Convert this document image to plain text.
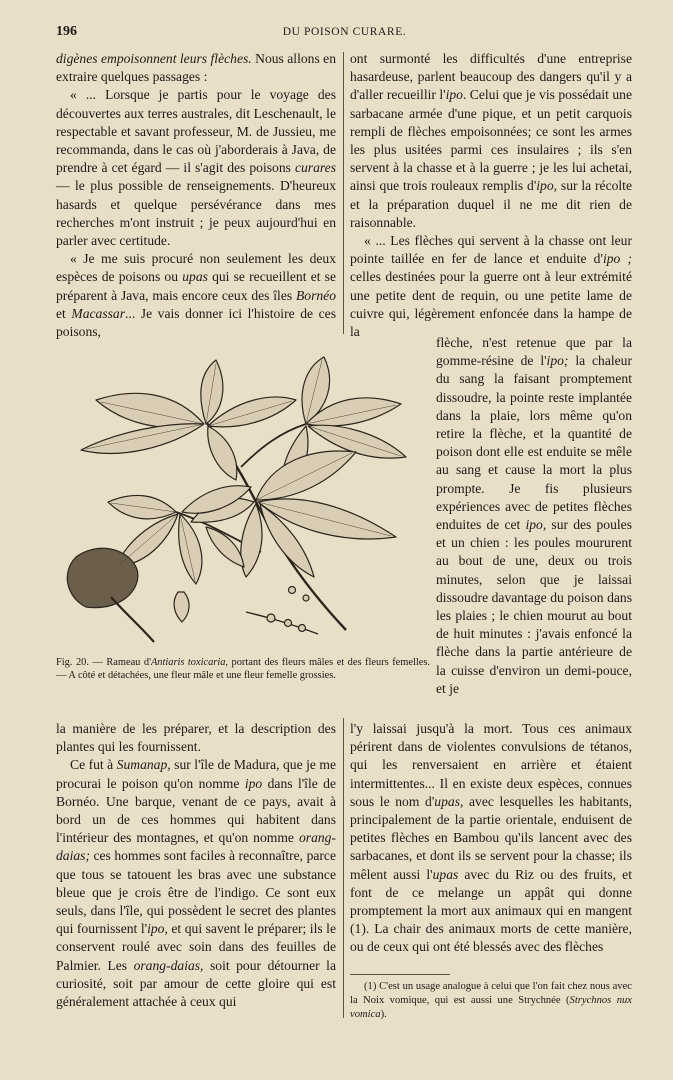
196	DU POISON CURARE.

digènes empoisonnent leurs flèches. Nous allons en extraire quelques passages :

« ... Lorsque je partis pour le voyage des découvertes aux terres australes, dit Leschenault, le respectable et savant professeur, M. de Jussieu, me recommanda, dans le cas où j'aborderais à Java, de prendre à cet égard — il s'agit des poisons curares — le plus possible de renseignements. D'heureux hasards et quelque persévérance dans mes recherches m'ont instruit ; je peux aujourd'hui en parler avec certitude.

« Je me suis procuré non seulement les deux espèces de poisons ou upas qui se recueillent et se préparent à Java, mais encore ceux des îles Bornéo et Macassar... Je vais donner ici l'histoire de ces poisons,

ont surmonté les difficultés d'une entreprise hasardeuse, parlent beaucoup des dangers qu'il y a d'aller recueillir l'ipo. Celui que je vis possédait une sarbacane armée d'une pique, et un petit carquois rempli de flèches empoisonnées; ce sont les armes les plus usitées parmi ces insulaires ; ils s'en servent à la chasse et à la guerre ; je les lui achetai, ainsi que trois rouleaux remplis d'ipo, sur la récolte et la préparation duquel il ne me dit rien de raisonnable.

« ... Les flèches qui servent à la chasse ont leur pointe taillée en fer de lance et enduite d'ipo ; celles destinées pour la guerre ont à leur extrémité une petite dent de requin, ou une petite lame de cuivre qui, légèrement enfoncée dans la hampe de la

flèche, n'est retenue que par la gomme-résine de l'ipo; la chaleur du sang la faisant promptement dissoudre, la pointe reste implantée dans la plaie, lors même qu'on retire la flèche, et la quantité de poison dont elle est enduite se mêle au sang et cause la mort la plus prompte. Je fis plusieurs expériences avec de petites flèches enduites de cet ipo, sur des poules et un chien : les poules moururent au bout de une, deux ou trois minutes, selon que je laissai dissoudre davantage du poison dans les plaies ; le chien mourut au bout de huit minutes : j'avais enfoncé la flèche dans la partie antérieure de la cuisse d'environ un demi-pouce, et je

Fig. 20. — Rameau d'Antiaris toxicaria, portant des fleurs mâles et des fleurs femelles. — A côté et détachées, une fleur mâle et une fleur femelle grossies.

la manière de les préparer, et la description des plantes qui les fournissent.

Ce fut à Sumanap, sur l'île de Madura, que je me procurai le poison qu'on nomme ipo dans l'île de Bornéo. Une barque, venant de ce pays, avait à bord un de ces hommes qui habitent dans l'intérieur des montagnes, et qu'on nomme orang-daias; ces hommes sont faciles à reconnaître, parce que tous se tatouent les bras avec une substance bleue que je crois être de l'indigo. Ce sont eux seuls, dans l'île, qui possèdent le secret des plantes qui fournissent l'ipo, et qui savent le préparer; ils le conservent roulé avec soin dans des feuilles de Palmier. Les orang-daias, soit pour détourner la curiosité, soit par amour de cette gloire qui est généralement attachée à ceux qui

l'y laissai jusqu'à la mort. Tous ces animaux périrent dans de violentes convulsions de tétanos, qui les renversaient en arrière et étaient intermittentes... Il en existe deux espèces, connues sous le nom d'upas, avec lesquelles les habitants, principalement de la partie orientale, enduisent de petites flèches en Bambou qu'ils lancent avec des sarbacanes, et dont ils se servent pour la chasse; ils mêlent aussi l'upas avec du Riz ou des fruits, et font de ce melange un appât qui donne promptement la mort aux animaux qui en mangent (1). La chair des animaux morts de cette manière, ou de ceux qui ont été blessés avec des flèches

(1) C'est un usage analogue à celui que l'on fait chez nous avec la Noix vomique, qui est aussi une Strychnée (Strychnos nux vomica).
